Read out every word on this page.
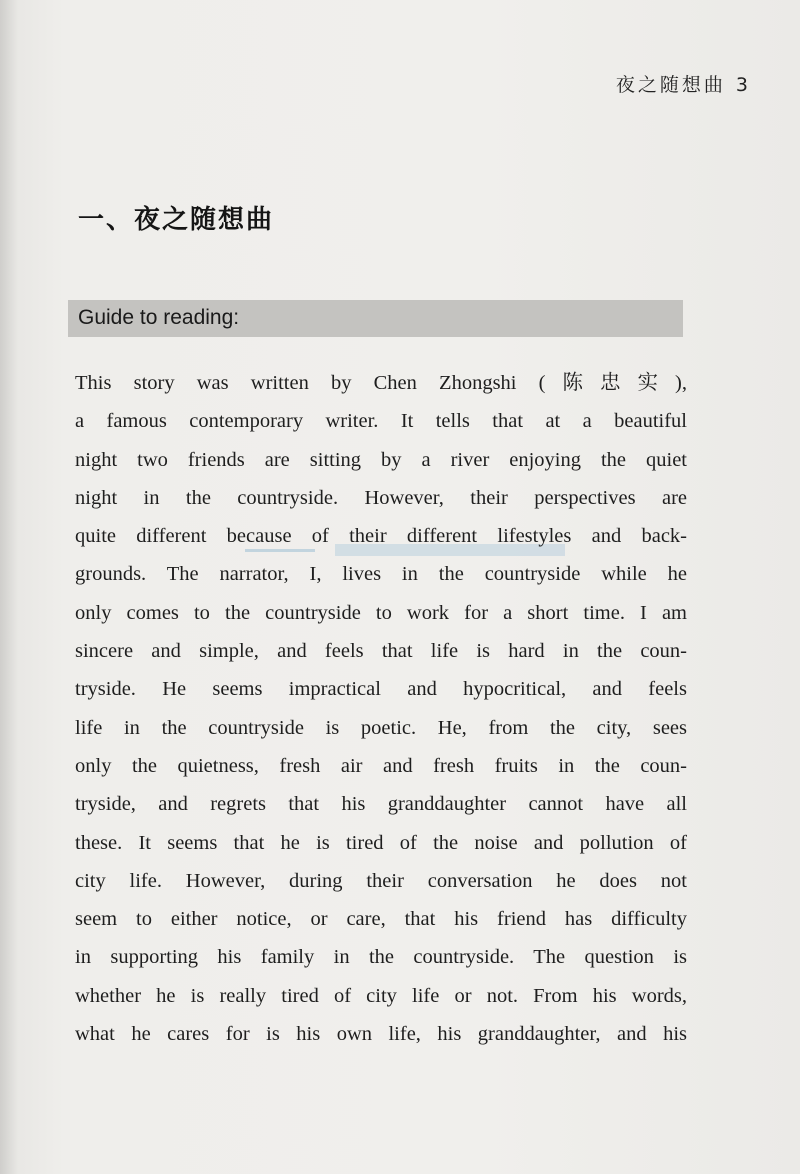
夜之随想曲 3
一、夜之随想曲
Guide to reading:
This story was written by Chen Zhongshi (陈忠实),
a famous contemporary writer. It tells that at a beautiful
night two friends are sitting by a river enjoying the quiet
night in the countryside. However, their perspectives are
quite different because of their different lifestyles and back-
grounds. The narrator, I, lives in the countryside while he
only comes to the countryside to work for a short time. I am
sincere and simple, and feels that life is hard in the coun-
tryside. He seems impractical and hypocritical, and feels
life in the countryside is poetic. He, from the city, sees
only the quietness, fresh air and fresh fruits in the coun-
tryside, and regrets that his granddaughter cannot have all
these. It seems that he is tired of the noise and pollution of
city life. However, during their conversation he does not
seem to either notice, or care, that his friend has difficulty
in supporting his family in the countryside. The question is
whether he is really tired of city life or not. From his words,
what he cares for is his own life, his granddaughter, and his
